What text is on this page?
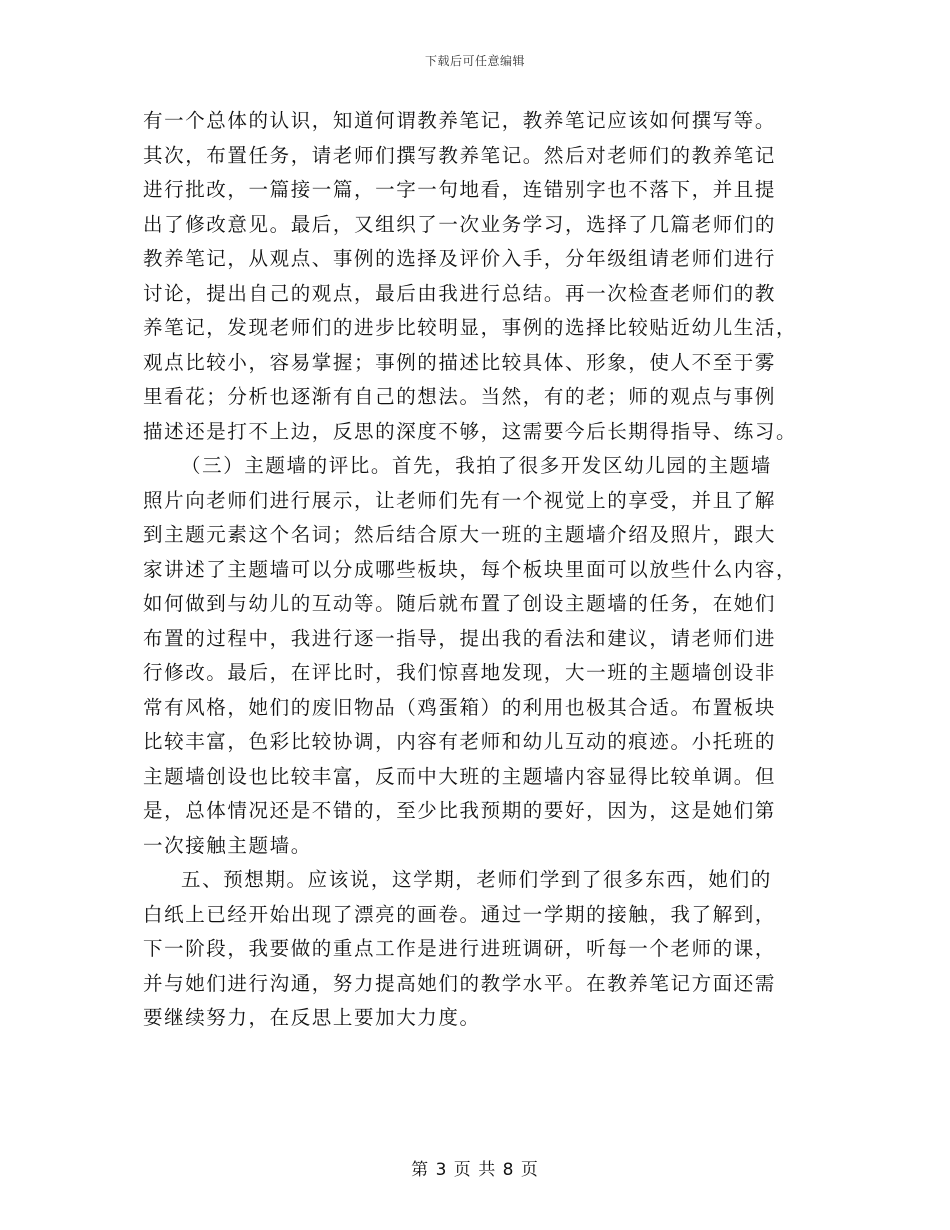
下载后可任意编辑
有一个总体的认识，知道何谓教养笔记，教养笔记应该如何撰写等。
其次，布置任务，请老师们撰写教养笔记。然后对老师们的教养笔记
进行批改，一篇接一篇，一字一句地看，连错别字也不落下，并且提
出了修改意见。最后，又组织了一次业务学习，选择了几篇老师们的
教养笔记，从观点、事例的选择及评价入手，分年级组请老师们进行
讨论，提出自己的观点，最后由我进行总结。再一次检查老师们的教
养笔记，发现老师们的进步比较明显，事例的选择比较贴近幼儿生活，
观点比较小，容易掌握；事例的描述比较具体、形象，使人不至于雾
里看花；分析也逐渐有自己的想法。当然，有的老；师的观点与事例
描述还是打不上边，反思的深度不够，这需要今后长期得指导、练习。
（三）主题墙的评比。首先，我拍了很多开发区幼儿园的主题墙
照片向老师们进行展示，让老师们先有一个视觉上的享受，并且了解
到主题元素这个名词；然后结合原大一班的主题墙介绍及照片，跟大
家讲述了主题墙可以分成哪些板块，每个板块里面可以放些什么内容，
如何做到与幼儿的互动等。随后就布置了创设主题墙的任务，在她们
布置的过程中，我进行逐一指导，提出我的看法和建议，请老师们进
行修改。最后，在评比时，我们惊喜地发现，大一班的主题墙创设非
常有风格，她们的废旧物品（鸡蛋箱）的利用也极其合适。布置板块
比较丰富，色彩比较协调，内容有老师和幼儿互动的痕迹。小托班的
主题墙创设也比较丰富，反而中大班的主题墙内容显得比较单调。但
是，总体情况还是不错的，至少比我预期的要好，因为，这是她们第
一次接触主题墙。
五、预想期。应该说，这学期，老师们学到了很多东西，她们的
白纸上已经开始出现了漂亮的画卷。通过一学期的接触，我了解到，
下一阶段，我要做的重点工作是进行进班调研，听每一个老师的课，
并与她们进行沟通，努力提高她们的教学水平。在教养笔记方面还需
要继续努力，在反思上要加大力度。
第 3 页 共 8 页
